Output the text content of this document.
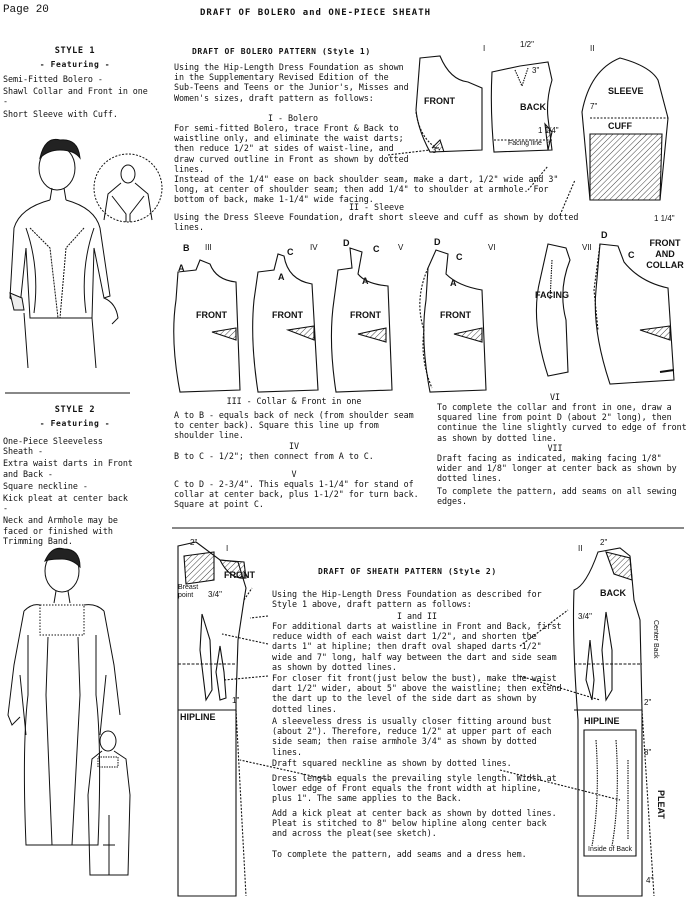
Page 20	DRAFT OF BOLERO and ONE-PIECE SHEATH
STYLE 1
- Featuring -
Semi-Fitted Bolero -
Shawl Collar and Front in one -
Short Sleeve with Cuff.
STYLE 2
- Featuring -
One-Piece Sleeveless Sheath -
Extra waist darts in Front and Back -
Square neckline -
Kick pleat at center back -
Neck and Armhole may be faced or finished with Trimming Band.
DRAFT OF BOLERO PATTERN (Style 1)
Using the Hip-Length Dress Foundation as shown in the Supplementary Revised Edition of the Sub-Teens and Teens or the Junior's, Misses and Women's sizes, draft pattern as follows:
I - Bolero
For semi-fitted Bolero, trace Front & Back to waistline only, and eliminate the waist darts; then reduce 1/2" at sides of waist-line, and draw curved outline in Front as shown by dotted lines.
Instead of the 1/4" ease on back shoulder seam, make a dart, 1/2" wide and 3" long, at center of shoulder seam; then add 1/4" to shoulder at armhole. For bottom of back, make 1-1/4" wide facing.
II - Sleeve
Using the Dress Sleeve Foundation, draft short sleeve and cuff as shown by dotted lines.
III - Collar & Front in one
A to B - equals back of neck (from shoulder seam to center back). Square this line up from shoulder line.
IV
B to C - 1/2"; then connect from A to C.
V
C to D - 2-3/4". This equals 1-1/4" for stand of collar at center back, plus 1-1/2" for turn back. Square at point C.
VI
To complete the collar and front in one, draw a squared line from point D (about 2" long), then continue the line slightly curved to edge of front as shown by dotted line.
VII
Draft facing as indicated, making facing 1/8" wider and 1/8" longer at center back as shown by dotted lines.
To complete the pattern, add seams on all sewing edges.
I	II
FRONT
BACK
SLEEVE
CUFF
1/2"
3"
1 1/4"
Facing line
7"
3"
III	IV	V	VI	VII
B
A
C
A
D
C
A
D
C
A
D
C
FRONT	FRONT	FRONT	FRONT
FACING
FRONT AND COLLAR
1 1/4"
I	II
FRONT
BACK
Breast point
HIPLINE	HIPLINE
Center Back
PLEAT
Inside of Back
2"	2"
2"
8"
4"
1"
3/4"
3/4"
DRAFT OF SHEATH PATTERN (Style 2)
Using the Hip-Length Dress Foundation as described for Style 1 above, draft pattern as follows:
I and II
For additional darts at waistline in Front and Back, first reduce width of each waist dart 1/2", and shorten the darts 1" at hipline; then draft oval shaped darts 1/2" wide and 7" long, half way between the dart and side seam as shown by dotted lines.
For closer fit front(just below the bust), make the waist dart 1/2" wider, about 5" above the waistline; then extend the dart up to the level of the side dart as shown by dotted lines.
A sleeveless dress is usually closer fitting around bust (about 2"). Therefore, reduce 1/2" at upper part of each side seam; then raise armhole 3/4" as shown by dotted lines.
Draft squared neckline as shown by dotted lines.
Dress length equals the prevailing style length. Width at lower edge of Front equals the front width at hipline, plus 1". The same applies to the Back.
Add a kick pleat at center back as shown by dotted lines. Pleat is stitched to 8" below hipline along center back and across the pleat(see sketch).
To complete the pattern, add seams and a dress hem.
